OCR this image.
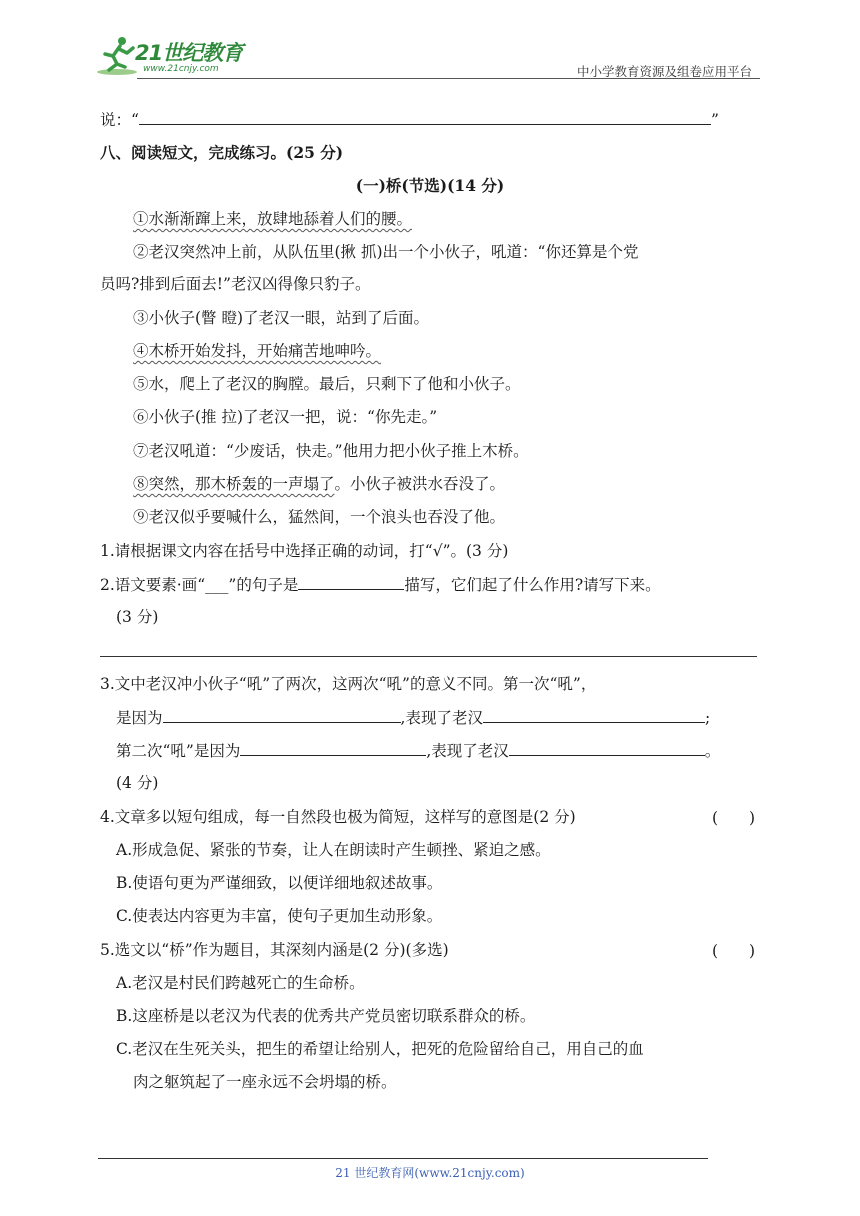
21世纪教育
www.21cnjy.com	中小学教育资源及组卷应用平台
说：“	”
八、阅读短文，完成练习。(25 分)
(一)桥(节选)(14 分)
①水渐渐蹿上来，放肆地舔着人们的腰。
②老汉突然冲上前，从队伍里(揪 抓)出一个小伙子，吼道：“你还算是个党
员吗?排到后面去!”老汉凶得像只豹子。
③小伙子(瞥 瞪)了老汉一眼，站到了后面。
④木桥开始发抖，开始痛苦地呻吟。
⑤水，爬上了老汉的胸膛。最后，只剩下了他和小伙子。
⑥小伙子(推 拉)了老汉一把，说：“你先走。”
⑦老汉吼道：“少废话，快走。”他用力把小伙子推上木桥。
⑧突然，那木桥轰的一声塌了。小伙子被洪水吞没了。
⑨老汉似乎要喊什么，猛然间，一个浪头也吞没了他。
1.请根据课文内容在括号中选择正确的动词，打“√”。(3 分)
2.语文要素·画“___”的句子是	描写，它们起了什么作用?请写下来。
(3 分)
3.文中老汉冲小伙子“吼”了两次，这两次“吼”的意义不同。第一次“吼”，
是因为	,表现了老汉	;
第二次“吼”是因为	,表现了老汉	。
(4 分)
4.文章多以短句组成，每一自然段也极为简短，这样写的意图是(2 分)	(　　)
A.形成急促、紧张的节奏，让人在朗读时产生顿挫、紧迫之感。
B.使语句更为严谨细致，以便详细地叙述故事。
C.使表达内容更为丰富，使句子更加生动形象。
5.选文以“桥”作为题目，其深刻内涵是(2 分)(多选)	(　　)
A.老汉是村民们跨越死亡的生命桥。
B.这座桥是以老汉为代表的优秀共产党员密切联系群众的桥。
C.老汉在生死关头，把生的希望让给别人，把死的危险留给自己，用自己的血
肉之躯筑起了一座永远不会坍塌的桥。
21 世纪教育网(www.21cnjy.com)
